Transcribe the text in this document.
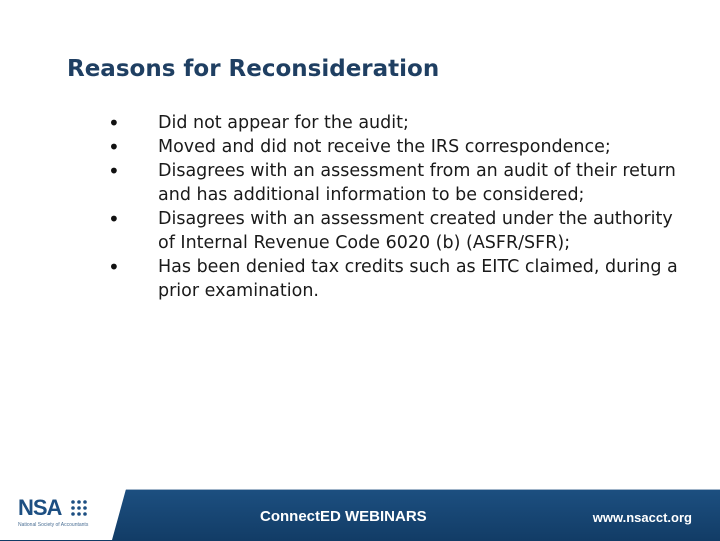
Reasons for Reconsideration
•	Did not appear for the audit;
•	Moved and did not receive the IRS correspondence;
•	Disagrees with an assessment from an audit of their return and has additional information to be considered;
•	Disagrees with an assessment created under the authority of Internal Revenue Code 6020 (b) (ASFR/SFR);
•	Has been denied tax credits such as EITC claimed, during a prior examination.
NSA
National Society of Accountants	ConnectED WEBINARS	www.nsacct.org
